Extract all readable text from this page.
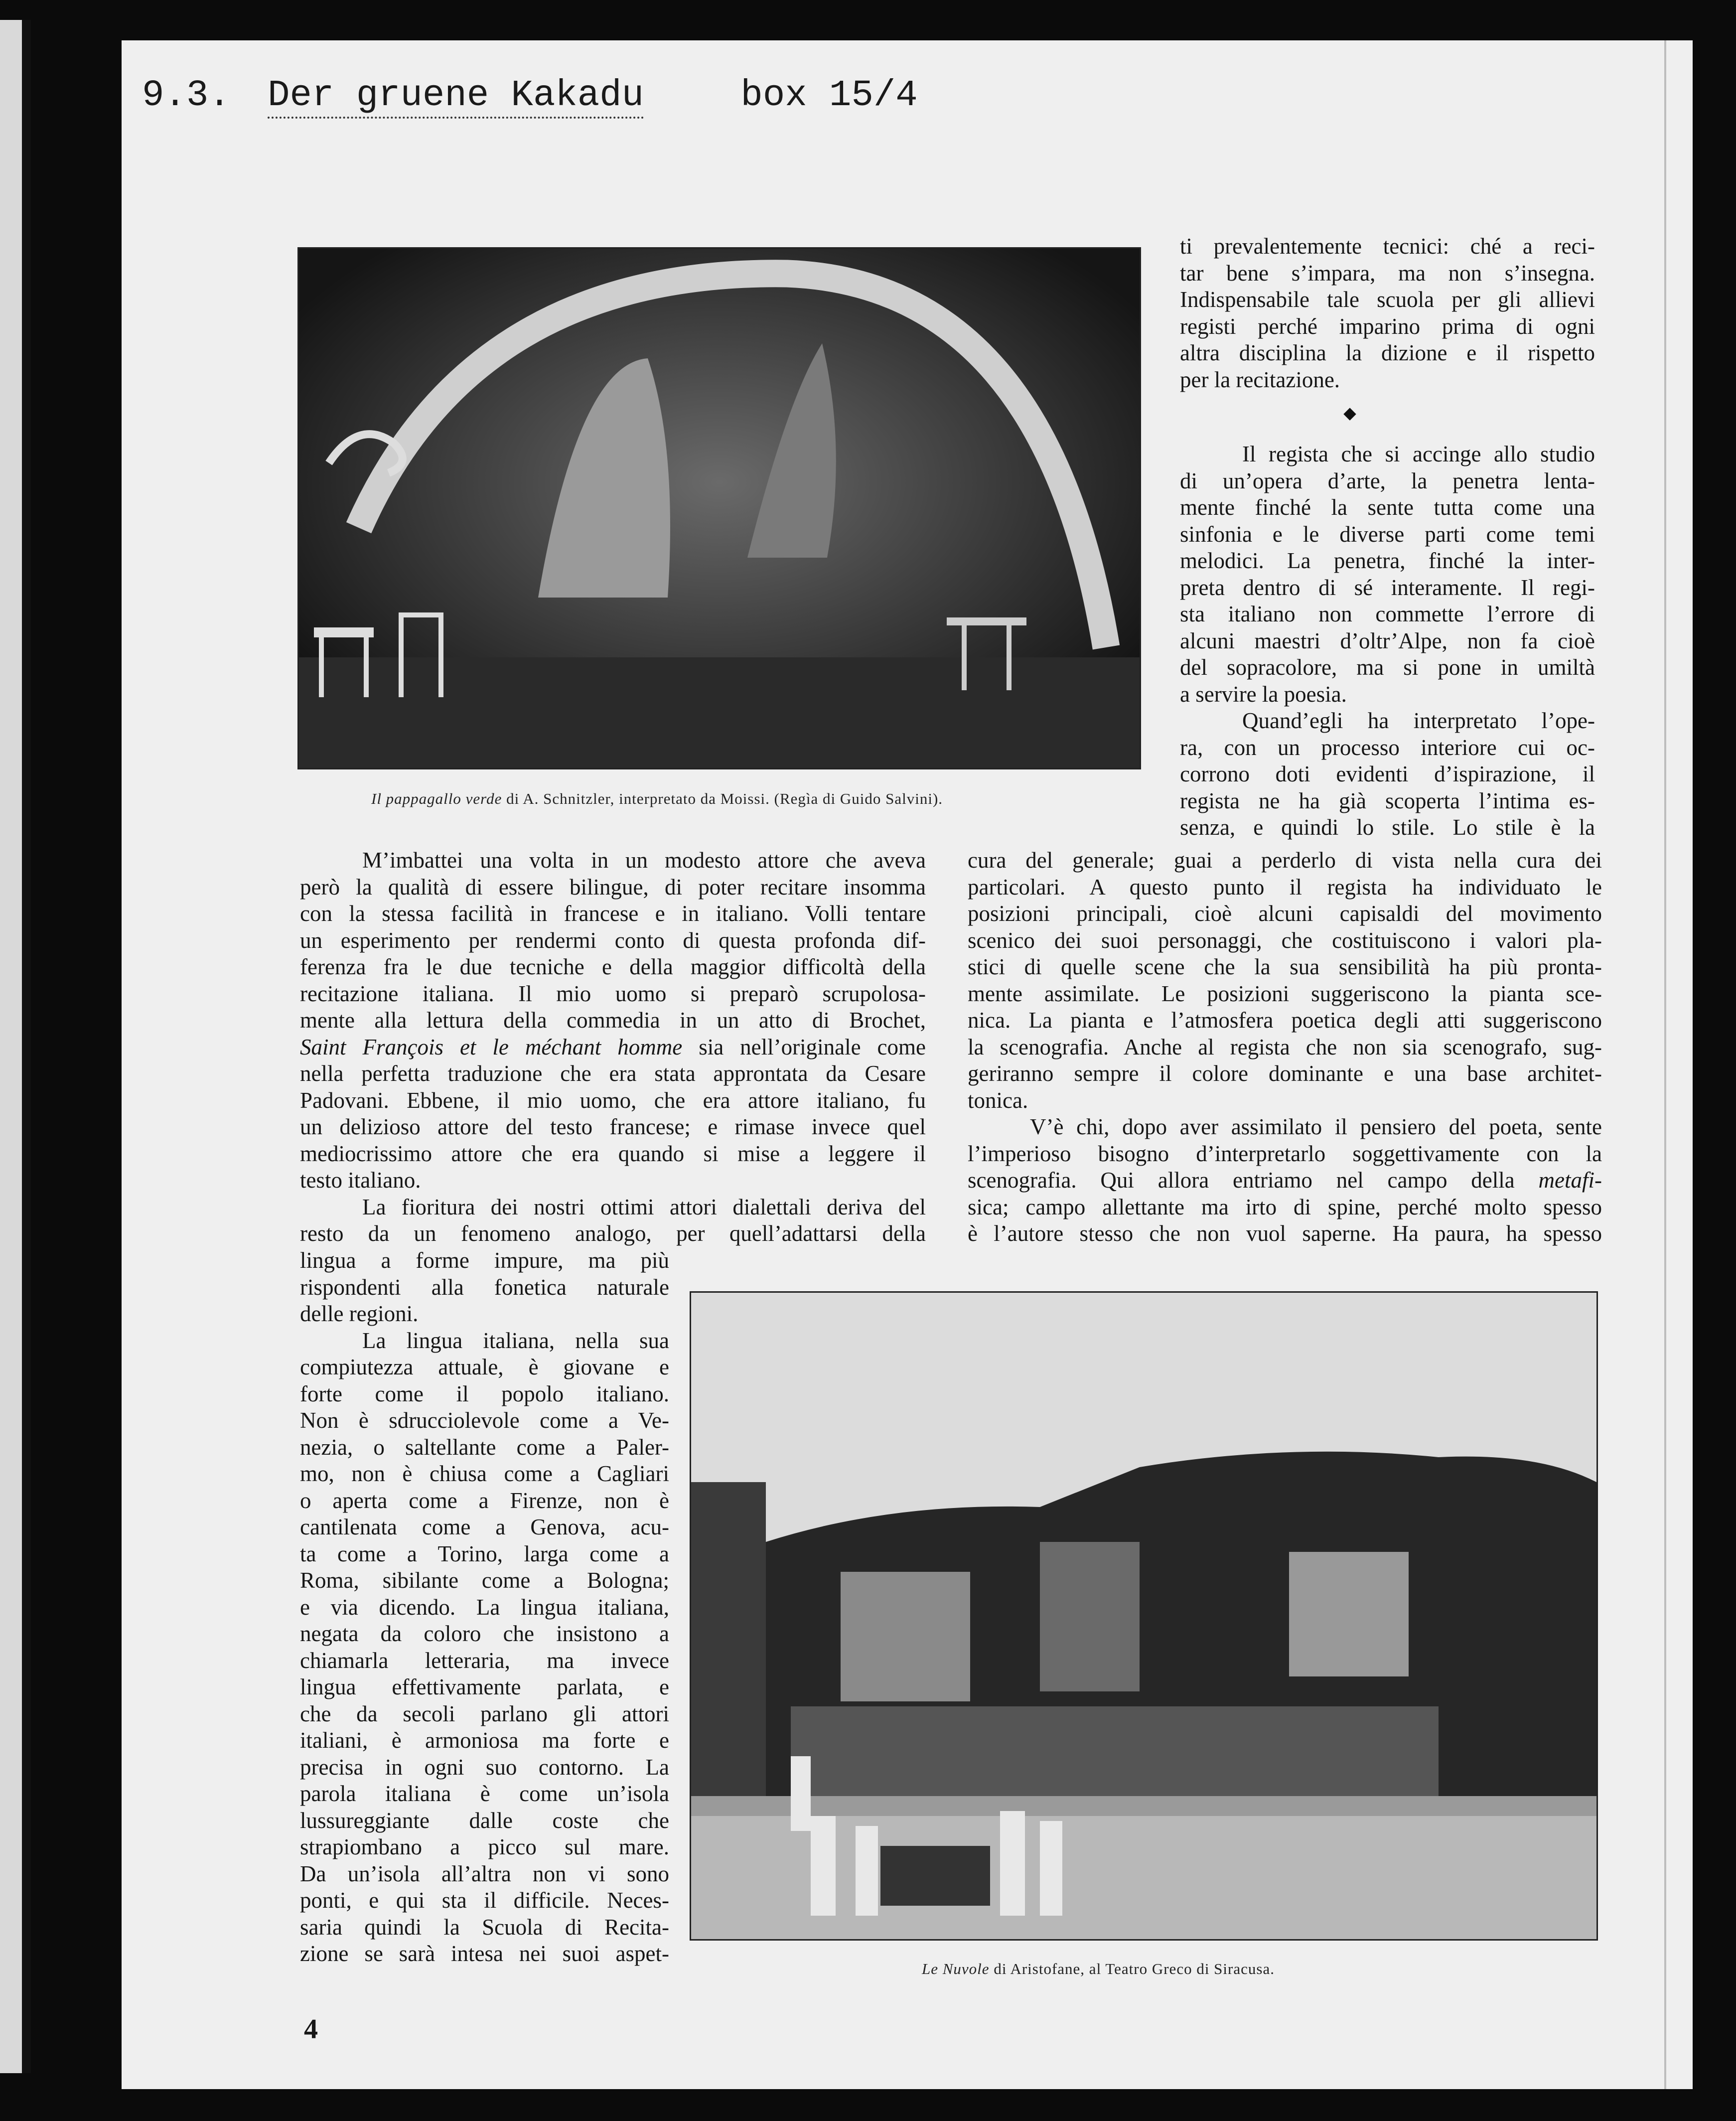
9.3. Der gruene Kakadu	box 15/4
Il pappagallo verde di A. Schnitzler, interpretato da Moissi. (Regìa di Guido Salvini).
Le Nuvole di Aristofane, al Teatro Greco di Siracusa.
ti prevalentemente tecnici: ché a reci-
tar bene s’impara, ma non s’insegna.
Indispensabile tale scuola per gli allievi
registi perché imparino prima di ogni
altra disciplina la dizione e il rispetto
per la recitazione.
Il regista che si accinge allo studio
di un’opera d’arte, la penetra lenta-
mente finché la sente tutta come una
sinfonia e le diverse parti come temi
melodici. La penetra, finché la inter-
preta dentro di sé interamente. Il regi-
sta italiano non commette l’errore di
alcuni maestri d’oltr’Alpe, non fa cioè
del sopracolore, ma si pone in umiltà
a servire la poesia.
Quand’egli ha interpretato l’ope-
ra, con un processo interiore cui oc-
corrono doti evidenti d’ispirazione, il
regista ne ha già scoperta l’intima es-
senza, e quindi lo stile. Lo stile è la
M’imbattei una volta in un modesto attore che aveva
però la qualità di essere bilingue, di poter recitare insomma
con la stessa facilità in francese e in italiano. Volli tentare
un esperimento per rendermi conto di questa profonda dif-
ferenza fra le due tecniche e della maggior difficoltà della
recitazione italiana. Il mio uomo si preparò scrupolosa-
mente alla lettura della commedia in un atto di Brochet,
Saint François et le méchant homme sia nell’originale come
nella perfetta traduzione che era stata approntata da Cesare
Padovani. Ebbene, il mio uomo, che era attore italiano, fu
un delizioso attore del testo francese; e rimase invece quel
mediocrissimo attore che era quando si mise a leggere il
testo italiano.
La fioritura dei nostri ottimi attori dialettali deriva del
resto da un fenomeno analogo, per quell’adattarsi della
cura del generale; guai a perderlo di vista nella cura dei
particolari. A questo punto il regista ha individuato le
posizioni principali, cioè alcuni capisaldi del movimento
scenico dei suoi personaggi, che costituiscono i valori pla-
stici di quelle scene che la sua sensibilità ha più pronta-
mente assimilate. Le posizioni suggeriscono la pianta sce-
nica. La pianta e l’atmosfera poetica degli atti suggeriscono
la scenografia. Anche al regista che non sia scenografo, sug-
geriranno sempre il colore dominante e una base architet-
tonica.
V’è chi, dopo aver assimilato il pensiero del poeta, sente
l’imperioso bisogno d’interpretarlo soggettivamente con la
scenografia. Qui allora entriamo nel campo della metafi-
sica; campo allettante ma irto di spine, perché molto spesso
è l’autore stesso che non vuol saperne. Ha paura, ha spesso
lingua a forme impure, ma più
rispondenti alla fonetica naturale
delle regioni.
La lingua italiana, nella sua
compiutezza attuale, è giovane e
forte come il popolo italiano.
Non è sdrucciolevole come a Ve-
nezia, o saltellante come a Paler-
mo, non è chiusa come a Cagliari
o aperta come a Firenze, non è
cantilenata come a Genova, acu-
ta come a Torino, larga come a
Roma, sibilante come a Bologna;
e via dicendo. La lingua italiana,
negata da coloro che insistono a
chiamarla letteraria, ma invece
lingua effettivamente parlata, e
che da secoli parlano gli attori
italiani, è armoniosa ma forte e
precisa in ogni suo contorno. La
parola italiana è come un’isola
lussureggiante dalle coste che
strapiombano a picco sul mare.
Da un’isola all’altra non vi sono
ponti, e qui sta il difficile. Neces-
saria quindi la Scuola di Recita-
zione se sarà intesa nei suoi aspet-
4
